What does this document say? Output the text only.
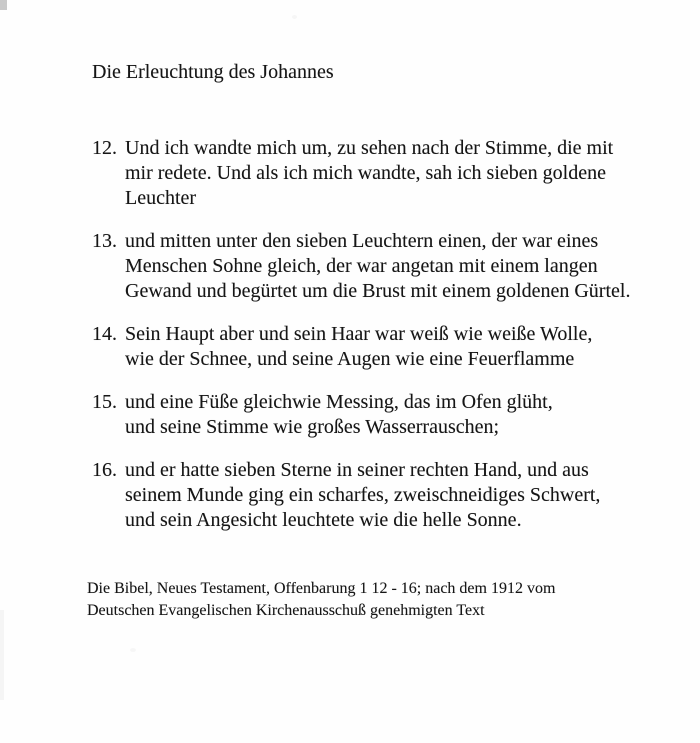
Die Erleuchtung des Johannes
12. Und ich wandte mich um, zu sehen nach der Stimme, die mit
mir redete. Und als ich mich wandte, sah ich sieben goldene
Leuchter
13. und mitten unter den sieben Leuchtern einen, der war eines
Menschen Sohne gleich, der war angetan mit einem langen
Gewand und begürtet um die Brust mit einem goldenen Gürtel.
14. Sein Haupt aber und sein Haar war weiß wie weiße Wolle,
wie der Schnee, und seine Augen wie eine Feuerflamme
15. und eine Füße gleichwie Messing, das im Ofen glüht,
und seine Stimme wie großes Wasserrauschen;
16. und er hatte sieben Sterne in seiner rechten Hand, und aus
seinem Munde ging ein scharfes, zweischneidiges Schwert,
und sein Angesicht leuchtete wie die helle Sonne.
Die Bibel, Neues Testament, Offenbarung 1 12 - 16; nach dem 1912 vom
Deutschen Evangelischen Kirchenausschuß genehmigten Text
